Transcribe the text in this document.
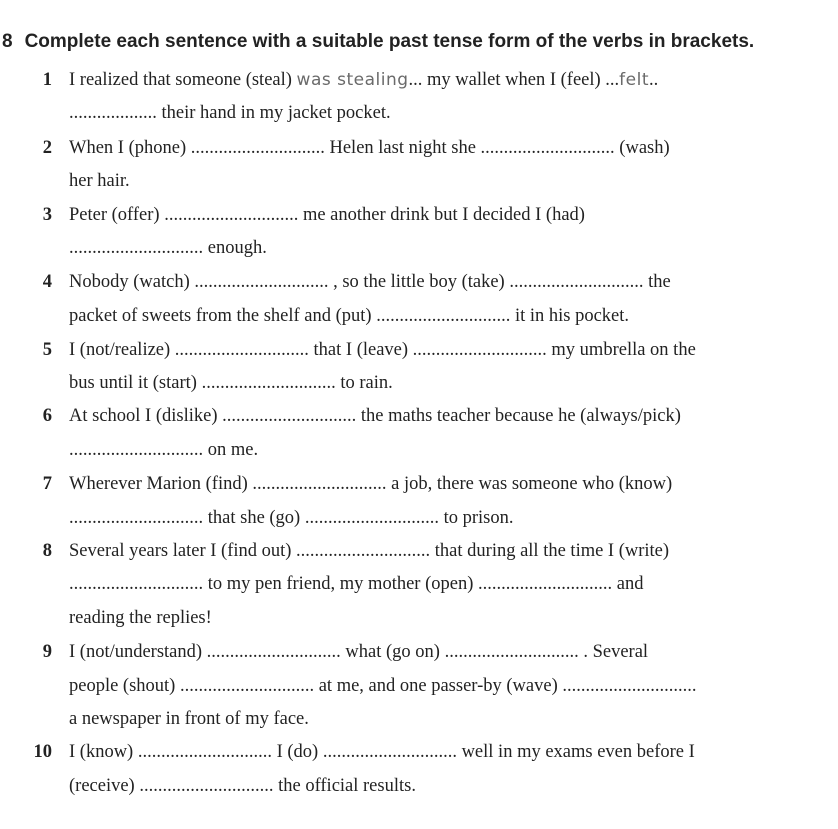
8 Complete each sentence with a suitable past tense form of the verbs in brackets.
1 I realized that someone (steal) was stealing... my wallet when I (feel) ...felt..
................... their hand in my jacket pocket.
2 When I (phone) ............................. Helen last night she ............................. (wash)
her hair.
3 Peter (offer) ............................. me another drink but I decided I (had)
............................. enough.
4 Nobody (watch) ............................. , so the little boy (take) ............................. the
packet of sweets from the shelf and (put) ............................. it in his pocket.
5 I (not/realize) ............................. that I (leave) ............................. my umbrella on the
bus until it (start) ............................. to rain.
6 At school I (dislike) ............................. the maths teacher because he (always/pick)
............................. on me.
7 Wherever Marion (find) ............................. a job, there was someone who (know)
............................. that she (go) ............................. to prison.
8 Several years later I (find out) ............................. that during all the time I (write)
............................. to my pen friend, my mother (open) ............................. and
reading the replies!
9 I (not/understand) ............................. what (go on) ............................. . Several
people (shout) ............................. at me, and one passer-by (wave) .............................
a newspaper in front of my face.
10 I (know) ............................. I (do) ............................. well in my exams even before I
(receive) ............................. the official results.
